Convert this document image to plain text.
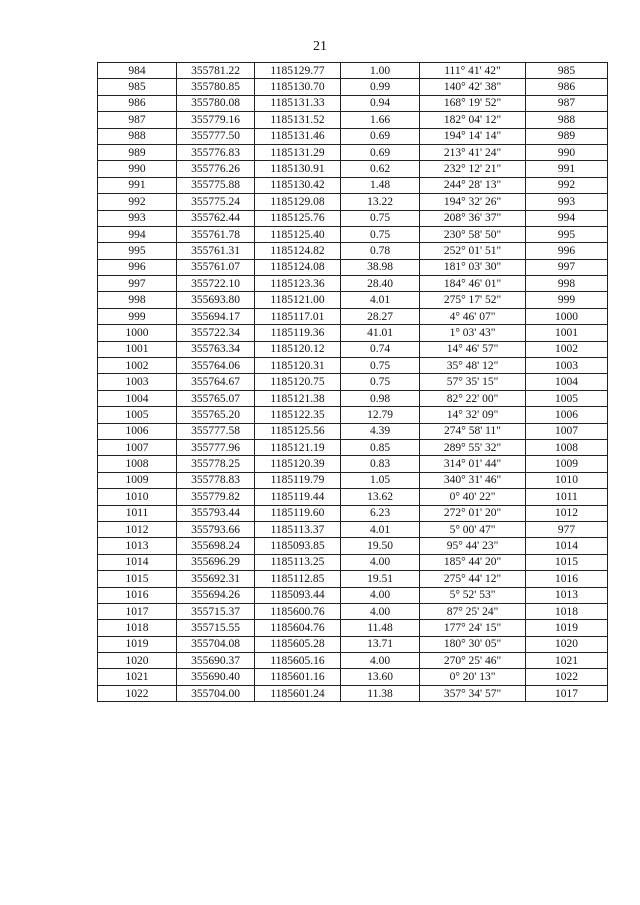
21
984	355781.22	1185129.77	1.00	111° 41' 42"	985
985	355780.85	1185130.70	0.99	140° 42' 38"	986
986	355780.08	1185131.33	0.94	168° 19' 52"	987
987	355779.16	1185131.52	1.66	182° 04' 12"	988
988	355777.50	1185131.46	0.69	194° 14' 14"	989
989	355776.83	1185131.29	0.69	213° 41' 24"	990
990	355776.26	1185130.91	0.62	232° 12' 21"	991
991	355775.88	1185130.42	1.48	244° 28' 13"	992
992	355775.24	1185129.08	13.22	194° 32' 26"	993
993	355762.44	1185125.76	0.75	208° 36' 37"	994
994	355761.78	1185125.40	0.75	230° 58' 50"	995
995	355761.31	1185124.82	0.78	252° 01' 51"	996
996	355761.07	1185124.08	38.98	181° 03' 30"	997
997	355722.10	1185123.36	28.40	184° 46' 01"	998
998	355693.80	1185121.00	4.01	275° 17' 52"	999
999	355694.17	1185117.01	28.27	4° 46' 07"	1000
1000	355722.34	1185119.36	41.01	1° 03' 43"	1001
1001	355763.34	1185120.12	0.74	14° 46' 57"	1002
1002	355764.06	1185120.31	0.75	35° 48' 12"	1003
1003	355764.67	1185120.75	0.75	57° 35' 15"	1004
1004	355765.07	1185121.38	0.98	82° 22' 00"	1005
1005	355765.20	1185122.35	12.79	14° 32' 09"	1006
1006	355777.58	1185125.56	4.39	274° 58' 11"	1007
1007	355777.96	1185121.19	0.85	289° 55' 32"	1008
1008	355778.25	1185120.39	0.83	314° 01' 44"	1009
1009	355778.83	1185119.79	1.05	340° 31' 46"	1010
1010	355779.82	1185119.44	13.62	0° 40' 22"	1011
1011	355793.44	1185119.60	6.23	272° 01' 20"	1012
1012	355793.66	1185113.37	4.01	5° 00' 47"	977
1013	355698.24	1185093.85	19.50	95° 44' 23"	1014
1014	355696.29	1185113.25	4.00	185° 44' 20"	1015
1015	355692.31	1185112.85	19.51	275° 44' 12"	1016
1016	355694.26	1185093.44	4.00	5° 52' 53"	1013
1017	355715.37	1185600.76	4.00	87° 25' 24"	1018
1018	355715.55	1185604.76	11.48	177° 24' 15"	1019
1019	355704.08	1185605.28	13.71	180° 30' 05"	1020
1020	355690.37	1185605.16	4.00	270° 25' 46"	1021
1021	355690.40	1185601.16	13.60	0° 20' 13"	1022
1022	355704.00	1185601.24	11.38	357° 34' 57"	1017
